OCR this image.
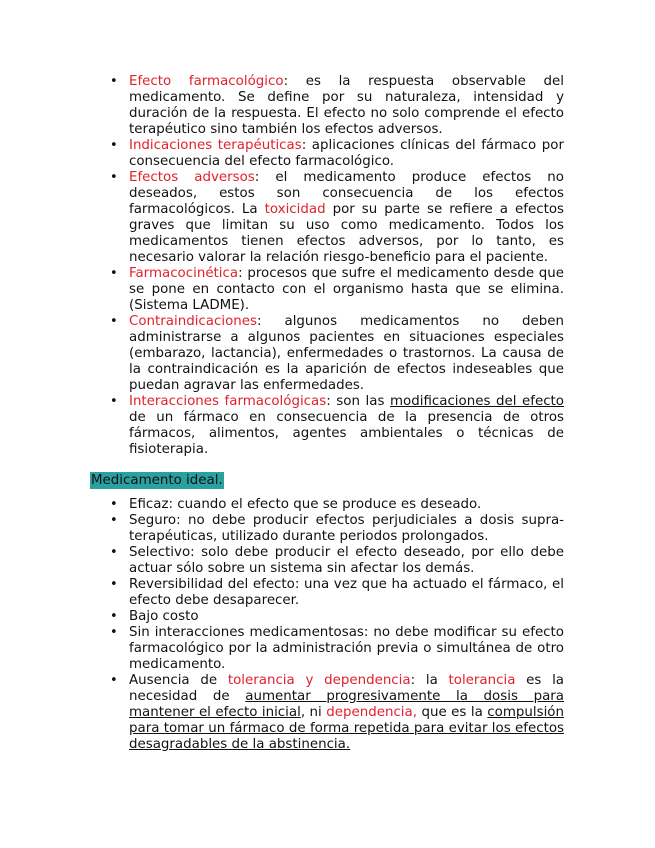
• Efecto farmacológico: es la respuesta observable del medicamento. Se define por su naturaleza, intensidad y duración de la respuesta. El efecto no solo comprende el efecto terapéutico sino también los efectos adversos.
• Indicaciones terapéuticas: aplicaciones clínicas del fármaco por consecuencia del efecto farmacológico.
• Efectos adversos: el medicamento produce efectos no deseados, estos son consecuencia de los efectos farmacológicos. La toxicidad por su parte se refiere a efectos graves que limitan su uso como medicamento. Todos los medicamentos tienen efectos adversos, por lo tanto, es necesario valorar la relación riesgo-beneficio para el paciente.
• Farmacocinética: procesos que sufre el medicamento desde que se pone en contacto con el organismo hasta que se elimina. (Sistema LADME).
• Contraindicaciones: algunos medicamentos no deben administrarse a algunos pacientes en situaciones especiales (embarazo, lactancia), enfermedades o trastornos. La causa de la contraindicación es la aparición de efectos indeseables que puedan agravar las enfermedades.
• Interacciones farmacológicas: son las modificaciones del efecto de un fármaco en consecuencia de la presencia de otros fármacos, alimentos, agentes ambientales o técnicas de fisioterapia.
Medicamento ideal.
• Eficaz: cuando el efecto que se produce es deseado.
• Seguro: no debe producir efectos perjudiciales a dosis supra-terapéuticas, utilizado durante periodos prolongados.
• Selectivo: solo debe producir el efecto deseado, por ello debe actuar sólo sobre un sistema sin afectar los demás.
• Reversibilidad del efecto: una vez que ha actuado el fármaco, el efecto debe desaparecer.
• Bajo costo
• Sin interacciones medicamentosas: no debe modificar su efecto farmacológico por la administración previa o simultánea de otro medicamento.
• Ausencia de tolerancia y dependencia: la tolerancia es la necesidad de aumentar progresivamente la dosis para mantener el efecto inicial, ni dependencia, que es la compulsión para tomar un fármaco de forma repetida para evitar los efectos desagradables de la abstinencia.
